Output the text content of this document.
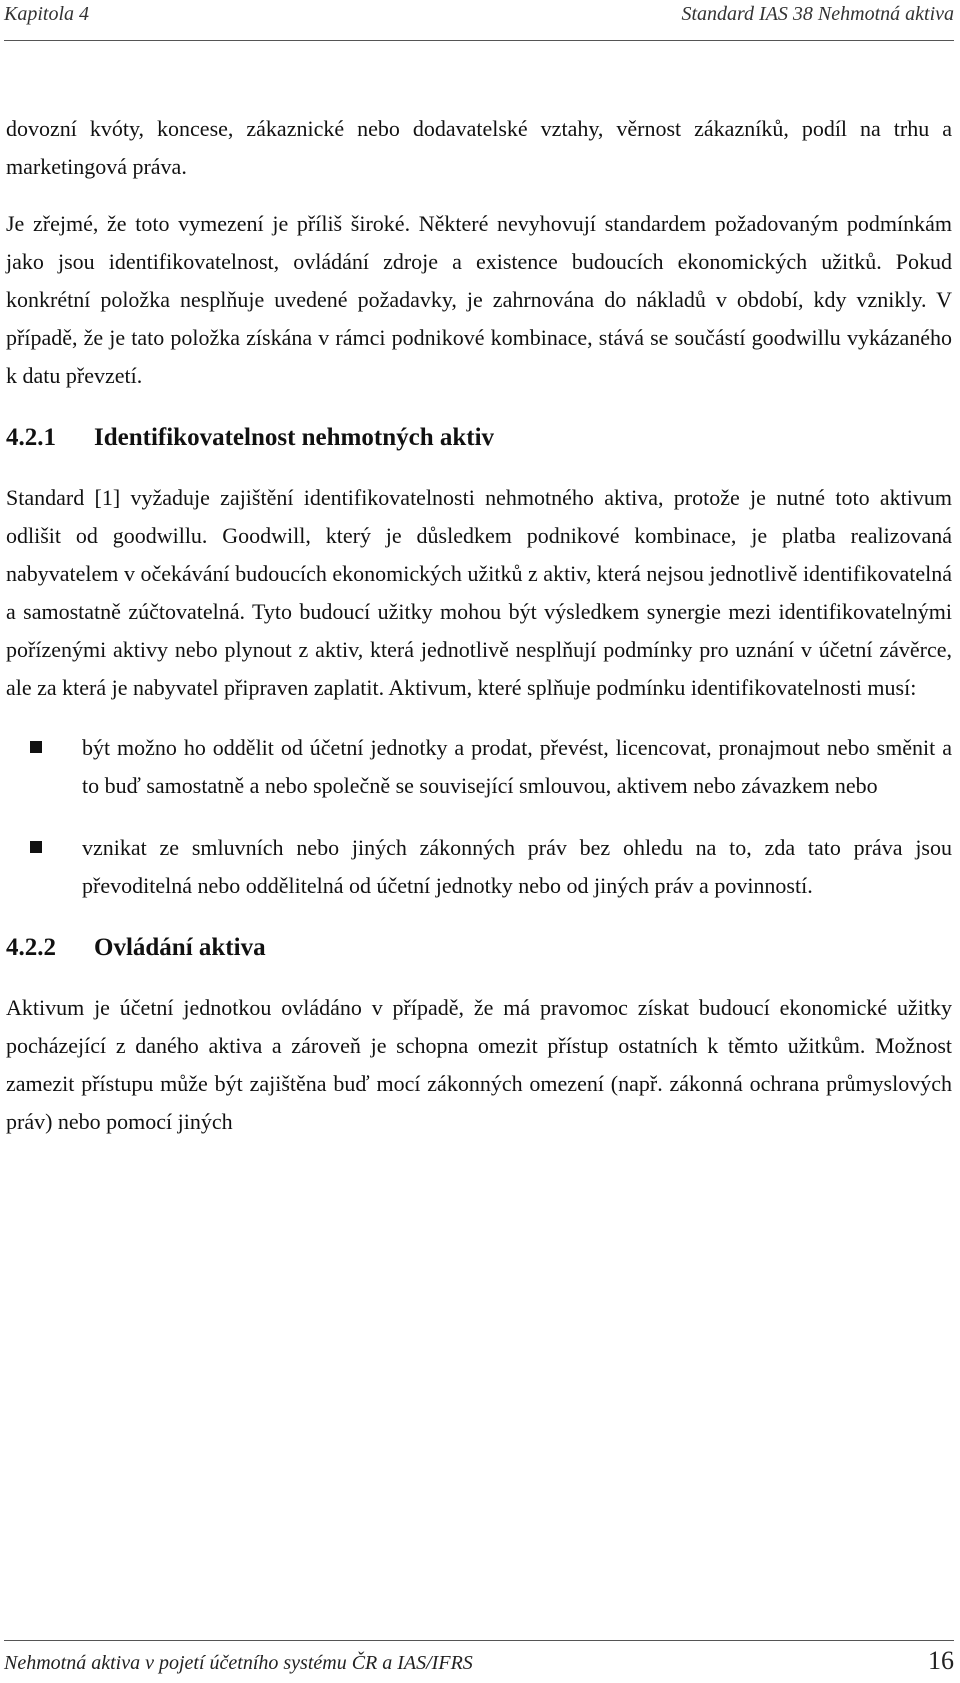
Kapitola 4	Standard IAS 38 Nehmotná aktiva

dovozní kvóty, koncese, zákaznické nebo dodavatelské vztahy, věrnost zákazníků, podíl na trhu a marketingová práva.

Je zřejmé, že toto vymezení je příliš široké. Některé nevyhovují standardem požadovaným podmínkám jako jsou identifikovatelnost, ovládání zdroje a existence budoucích ekonomických užitků. Pokud konkrétní položka nesplňuje uvedené požadavky, je zahrnována do nákladů v období, kdy vznikly. V případě, že je tato položka získána v rámci podnikové kombinace, stává se součástí goodwillu vykázaného k datu převzetí.

4.2.1	Identifikovatelnost nehmotných aktiv

Standard [1] vyžaduje zajištění identifikovatelnosti nehmotného aktiva, protože je nutné toto aktivum odlišit od goodwillu. Goodwill, který je důsledkem podnikové kombinace, je platba realizovaná nabyvatelem v očekávání budoucích ekonomických užitků z aktiv, která nejsou jednotlivě identifikovatelná a samostatně zúčtovatelná. Tyto budoucí užitky mohou být výsledkem synergie mezi identifikovatelnými pořízenými aktivy nebo plynout z aktiv, která jednotlivě nesplňují podmínky pro uznání v účetní závěrce, ale za která je nabyvatel připraven zaplatit. Aktivum, které splňuje podmínku identifikovatelnosti musí:

být možno ho oddělit od účetní jednotky a prodat, převést, licencovat, pronajmout nebo směnit a to buď samostatně a nebo společně se související smlouvou, aktivem nebo závazkem nebo
vznikat ze smluvních nebo jiných zákonných práv bez ohledu na to, zda tato práva jsou převoditelná nebo oddělitelná od účetní jednotky nebo od jiných práv a povinností.
4.2.2	Ovládání aktiva

Aktivum je účetní jednotkou ovládáno v případě, že má pravomoc získat budoucí ekonomické užitky pocházející z daného aktiva a zároveň je schopna omezit přístup ostatních k těmto užitkům. Možnost zamezit přístupu může být zajištěna buď mocí zákonných omezení (např. zákonná ochrana průmyslových práv) nebo pomocí jiných

Nehmotná aktiva v pojetí účetního systému ČR a IAS/IFRS	16
